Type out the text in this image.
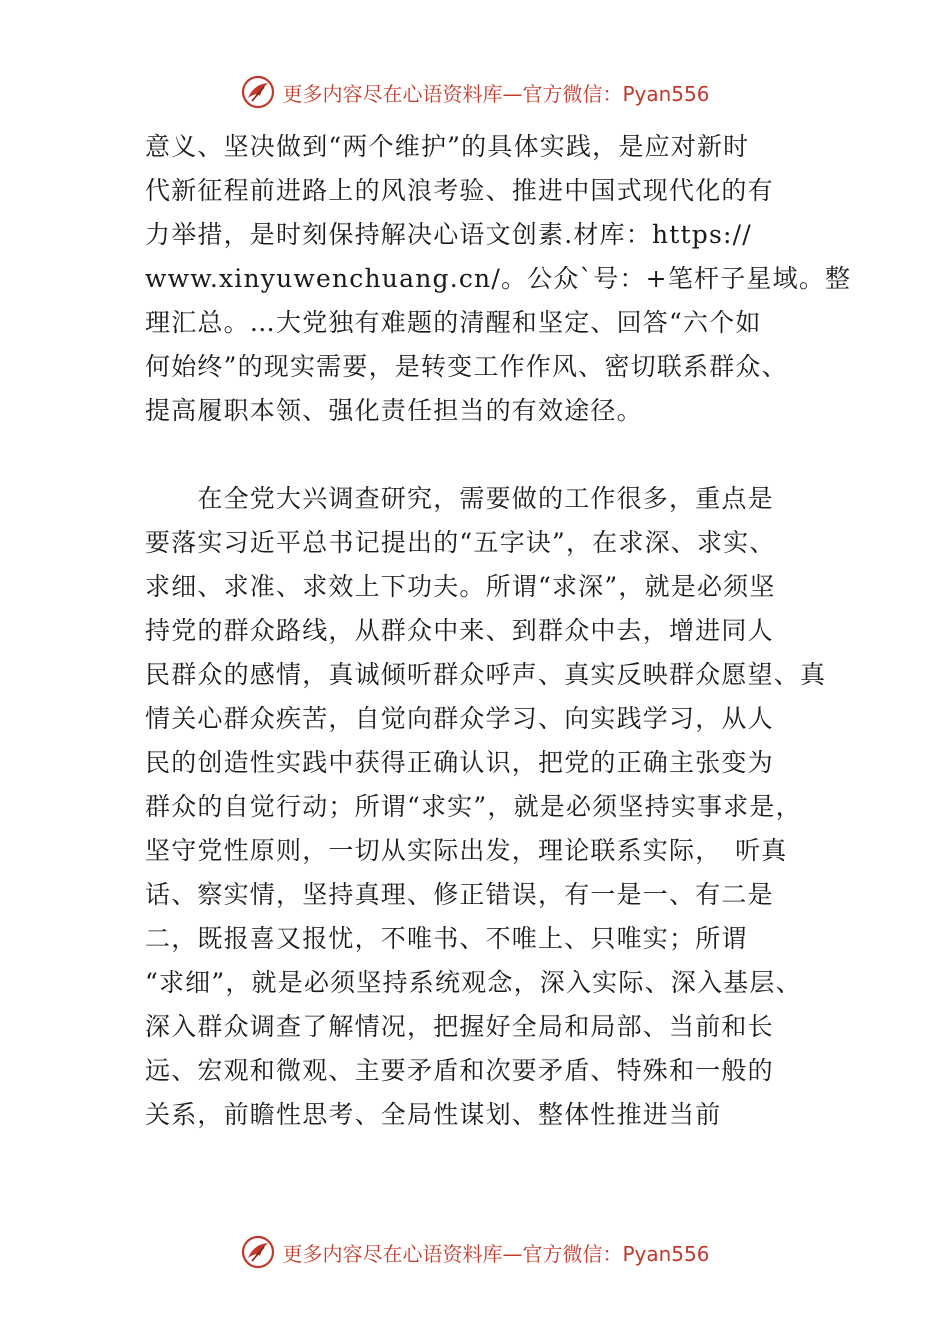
更多内容尽在心语资料库—官方微信：Pyan556
意义、坚决做到“两个维护”的具体实践，是应对新时
代新征程前进路上的风浪考验、推进中国式现代化的有
力举措，是时刻保持解决心语文创素.材库：https://
www.xinyuwenchuang.cn/。公众`号：+笔杆子星域。整
理汇总。…大党独有难题的清醒和坚定、回答“六个如
何始终”的现实需要，是转变工作作风、密切联系群众、
提高履职本领、强化责任担当的有效途径。
　　在全党大兴调查研究，需要做的工作很多，重点是
要落实习近平总书记提出的“五字诀”，在求深、求实、
求细、求准、求效上下功夫。所谓“求深”，就是必须坚
持党的群众路线，从群众中来、到群众中去，增进同人
民群众的感情，真诚倾听群众呼声、真实反映群众愿望、真
情关心群众疾苦，自觉向群众学习、向实践学习，从人
民的创造性实践中获得正确认识，把党的正确主张变为
群众的自觉行动；所谓“求实”，就是必须坚持实事求是，
坚守党性原则，一切从实际出发，理论联系实际，　听真
话、察实情，坚持真理、修正错误，有一是一、有二是
二，既报喜又报忧，不唯书、不唯上、只唯实；所谓
“求细”，就是必须坚持系统观念，深入实际、深入基层、
深入群众调查了解情况，把握好全局和局部、当前和长
远、宏观和微观、主要矛盾和次要矛盾、特殊和一般的
关系，前瞻性思考、全局性谋划、整体性推进当前
更多内容尽在心语资料库—官方微信：Pyan556
